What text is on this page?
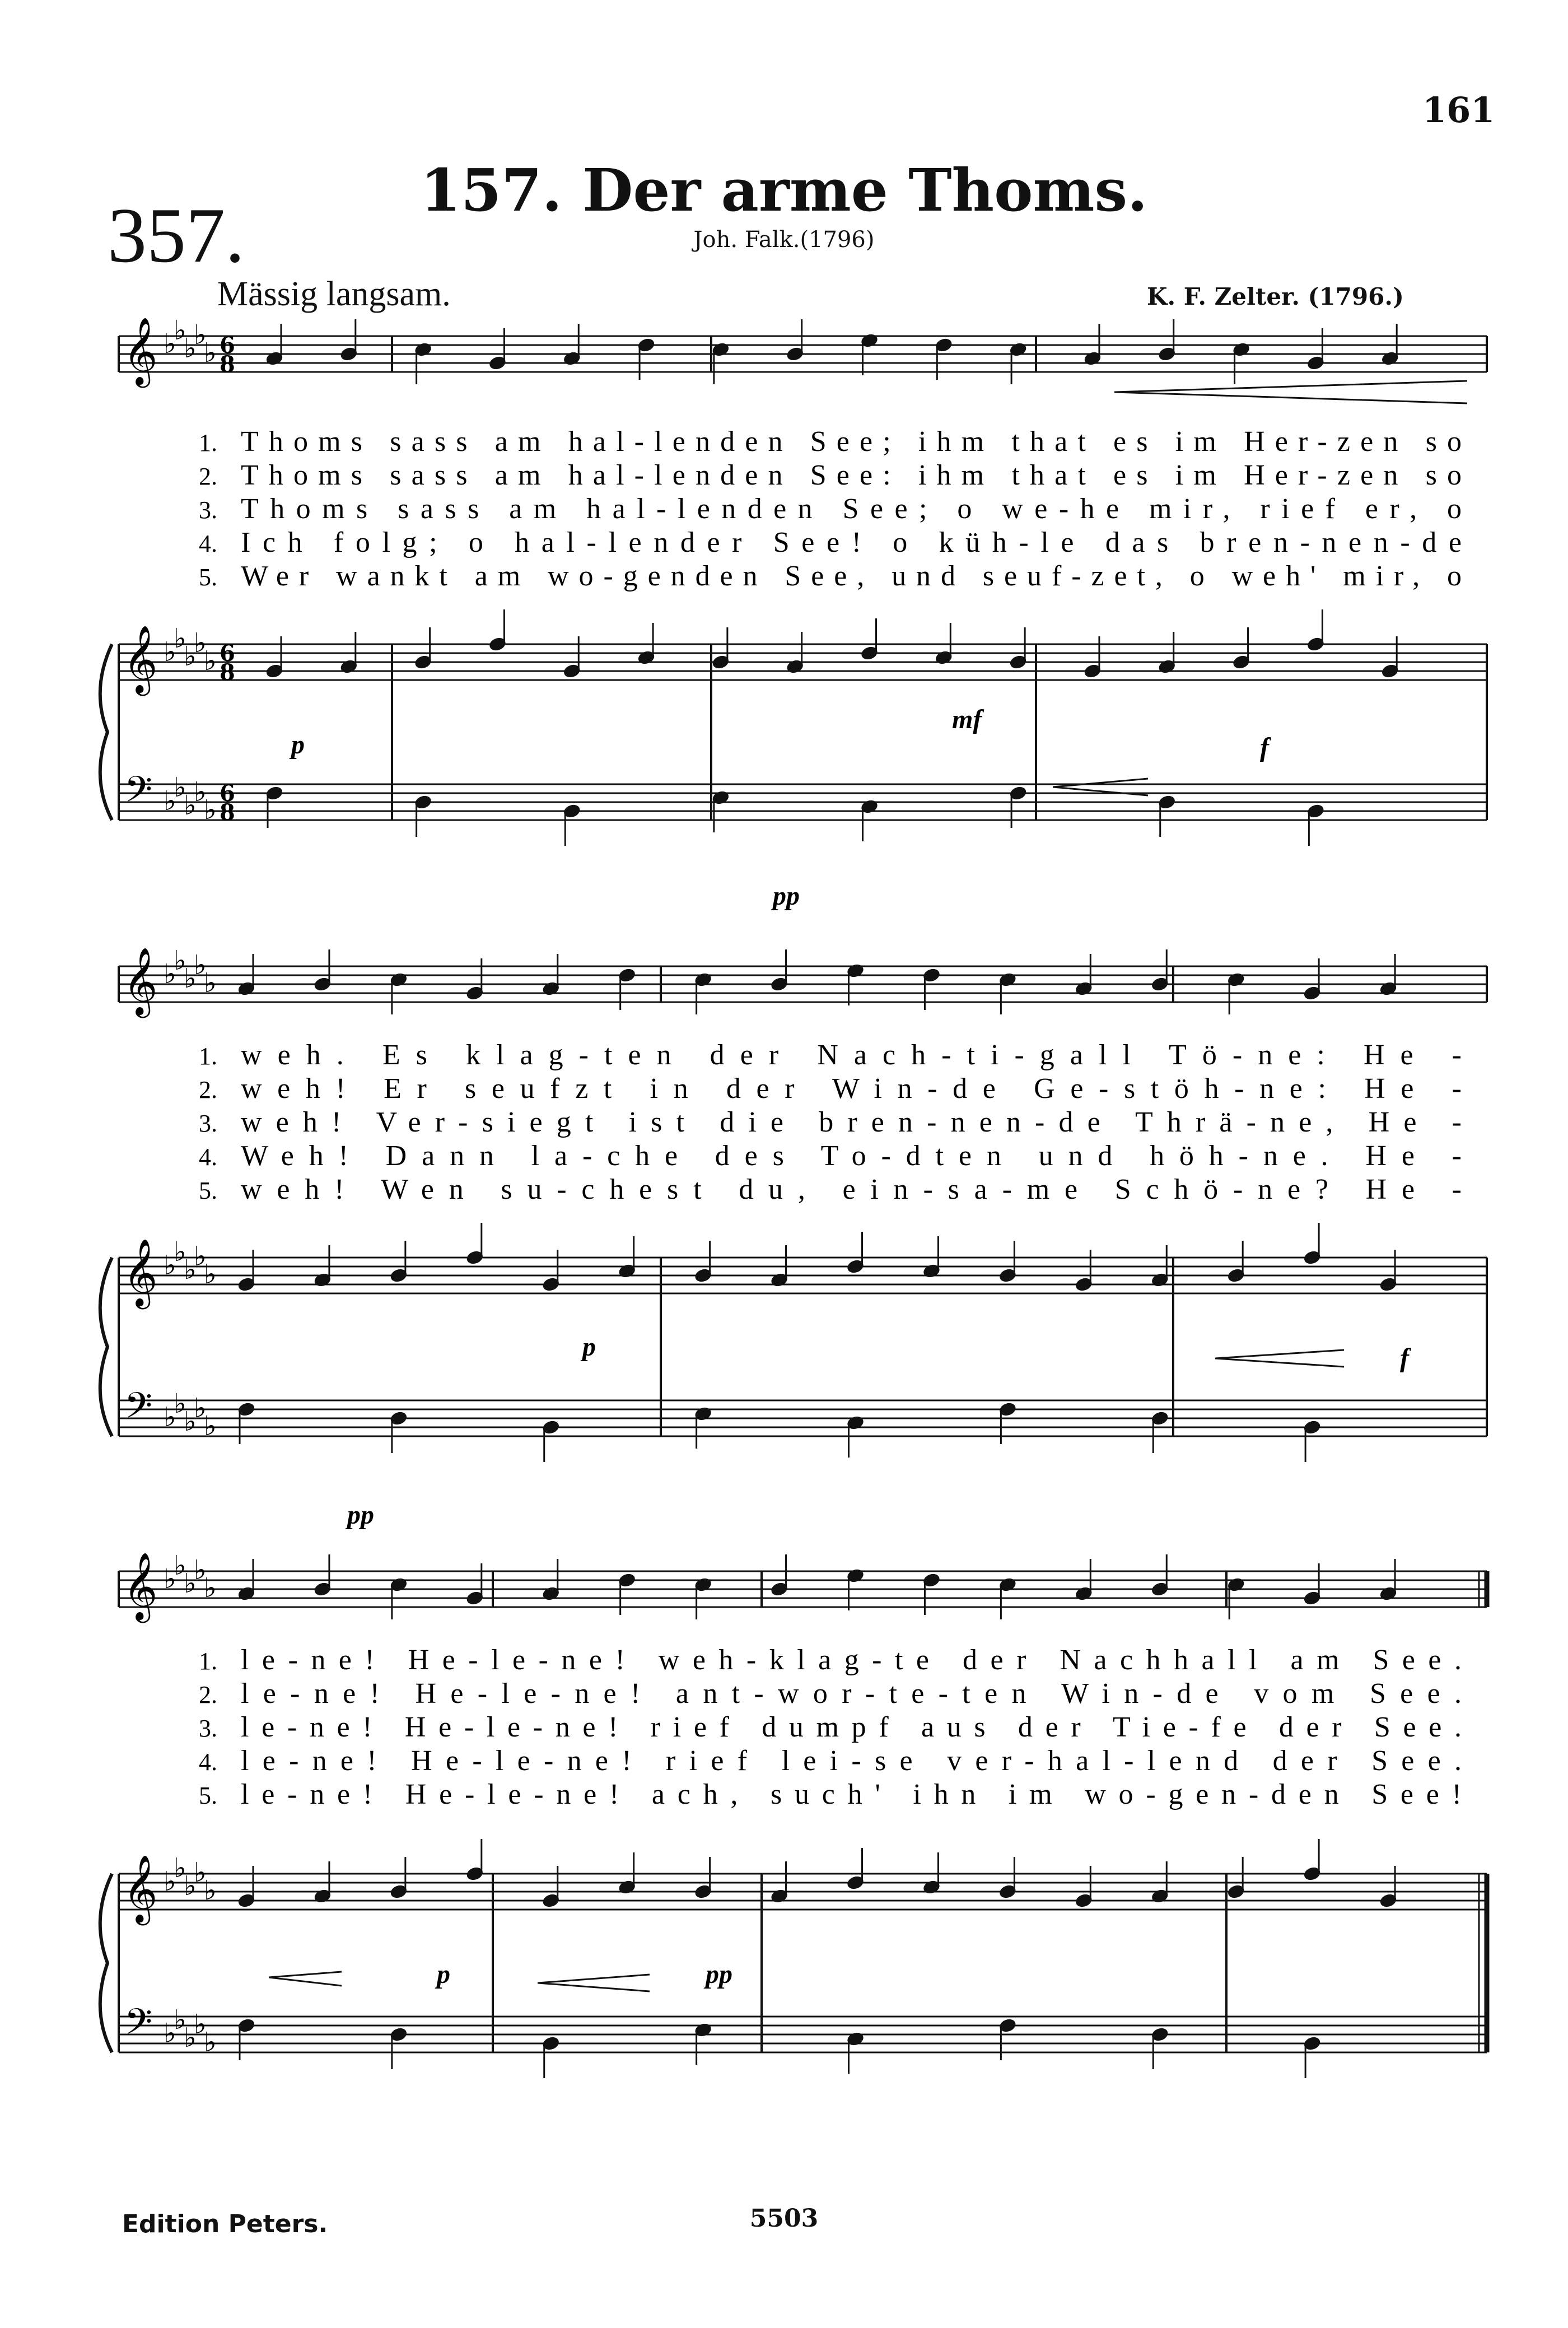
161
357.
157. Der arme Thoms.
Joh. Falk.(1796)
Mässig langsam.	K. F. Zelter. (1796.)
𝄞
𝄞
𝄢
♭
♭
♭
♭
♭
♭
♭
♭
♭
♭
♭
♭
♭
♭
♭
6
8
6
8
6
8
1. Thoms sass am hal-lenden See; ihm that es im Her-zen so
2. Thoms sass am hal-lenden See: ihm that es im Her-zen so
3. Thoms sass am hal-lenden See; o we-he mir, rief er, o
4. Ich folg; o hal-lender See! o küh-le das bren-nen-de
5. Wer wankt am wo-genden See, und seuf-zet, o weh' mir, o
𝄞
𝄞
𝄢
♭
♭
♭
♭
♭
♭
♭
♭
♭
♭
♭
♭
♭
♭
♭
1. weh. Es klag-ten der Nach-ti-gall Tö-ne: He -
2. weh! Er seufzt in der Win-de Ge-stöh-ne: He -
3. weh! Ver-siegt ist die bren-nen-de Thrä-ne, He -
4. Weh! Dann la-che des To-dten und höh-ne. He -
5. weh! Wen su-chest du, ein-sa-me Schö-ne? He -
𝄞
𝄞
𝄢
♭
♭
♭
♭
♭
♭
♭
♭
♭
♭
♭
♭
♭
♭
♭
1. le-ne! He-le-ne! weh-klag-te der Nachhall am See.
2. le-ne! He-le-ne! ant-wor-te-ten Win-de vom See.
3. le-ne! He-le-ne! rief dumpf aus der Tie-fe der See.
4. le-ne! He-le-ne! rief lei-se ver-hal-lend der See.
5. le-ne! He-le-ne! ach, such' ihn im wo-gen-den See!
p
mf
f
pp
p	f
pp
p	pp
Edition Peters.	5503
